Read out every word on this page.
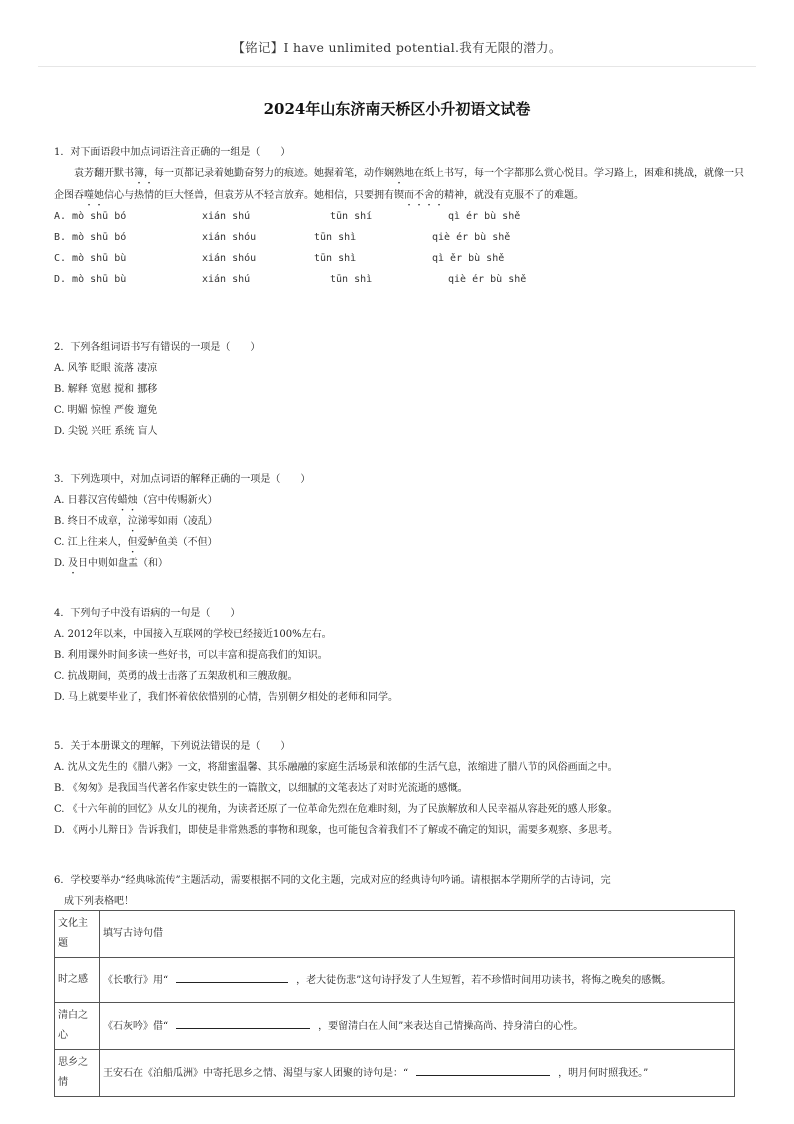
【铭记】I have unlimited potential.我有无限的潜力。
2024年山东济南天桥区小升初语文试卷
1．对下面语段中加点词语注音正确的一组是（　　）
袁芳翻开默书簿，每一页都记录着她勤奋努力的痕迹。她握着笔，动作娴熟地在纸上书写，每一个字都那么赏心悦目。学习路上，困难和挑战，就像一只企图吞噬她信心与热情的巨大怪兽，但袁芳从不轻言放弃。她相信，只要拥有锲而不舍的精神，就没有克服不了的难题。
A. mò shū bó	xián shú	tūn shí	qì ér bù shě
B. mò shū bó	xián shóu	tūn shì	qiè ér bù shě
C. mò shū bù	xián shóu	tūn shì	qì ěr bù shě
D. mò shū bù	xián shú	tūn shì	qiè ér bù shě
2．下列各组词语书写有错误的一项是（　　）
A. 风筝 眨眼 流落 凄凉
B. 解释 宽慰 搅和 挪移
C. 明媚 惊惶 严俊 遛免
D. 尖锐 兴旺 系统 盲人
3．下列选项中，对加点词语的解释正确的一项是（　　）
A. 日暮汉宫传蜡烛（宫中传赐新火）
B. 终日不成章，泣涕零如雨（凌乱）
C. 江上往来人，但爱鲈鱼美（不但）
D. 及日中则如盘盂（和）
4．下列句子中没有语病的一句是（　　）
A. 2012年以来，中国接入互联网的学校已经接近100%左右。
B. 利用课外时间多读一些好书，可以丰富和提高我们的知识。
C. 抗战期间，英勇的战士击落了五架敌机和三艘敌舰。
D. 马上就要毕业了，我们怀着依依惜别的心情，告别朝夕相处的老师和同学。
5．关于本册课文的理解，下列说法错误的是（　　）
A. 沈从文先生的《腊八粥》一文，将甜蜜温馨、其乐融融的家庭生活场景和浓郁的生活气息，浓缩进了腊八节的风俗画面之中。
B. 《匆匆》是我国当代著名作家史铁生的一篇散文，以细腻的文笔表达了对时光流逝的感慨。
C. 《十六年前的回忆》从女儿的视角，为读者还原了一位革命先烈在危难时刻，为了民族解放和人民幸福从容赴死的感人形象。
D. 《两小儿辩日》告诉我们，即使是非常熟悉的事物和现象，也可能包含着我们不了解或不确定的知识，需要多观察、多思考。
6．学校要举办“经典咏流传”主题活动，需要根据不同的文化主题，完成对应的经典诗句吟诵。请根据本学期所学的古诗词，完
成下列表格吧！
文化主题	填写古诗句借
时之感	《长歌行》用“ ，老大徒伤悲”这句诗抒发了人生短暂，若不珍惜时间用功读书，将悔之晚矣的感慨。
清白之心	《石灰吟》借“ ，要留清白在人间”来表达自己情操高尚、持身清白的心性。
思乡之情	王安石在《泊船瓜洲》中寄托思乡之情、渴望与家人团聚的诗句是：“ ，明月何时照我还。”
